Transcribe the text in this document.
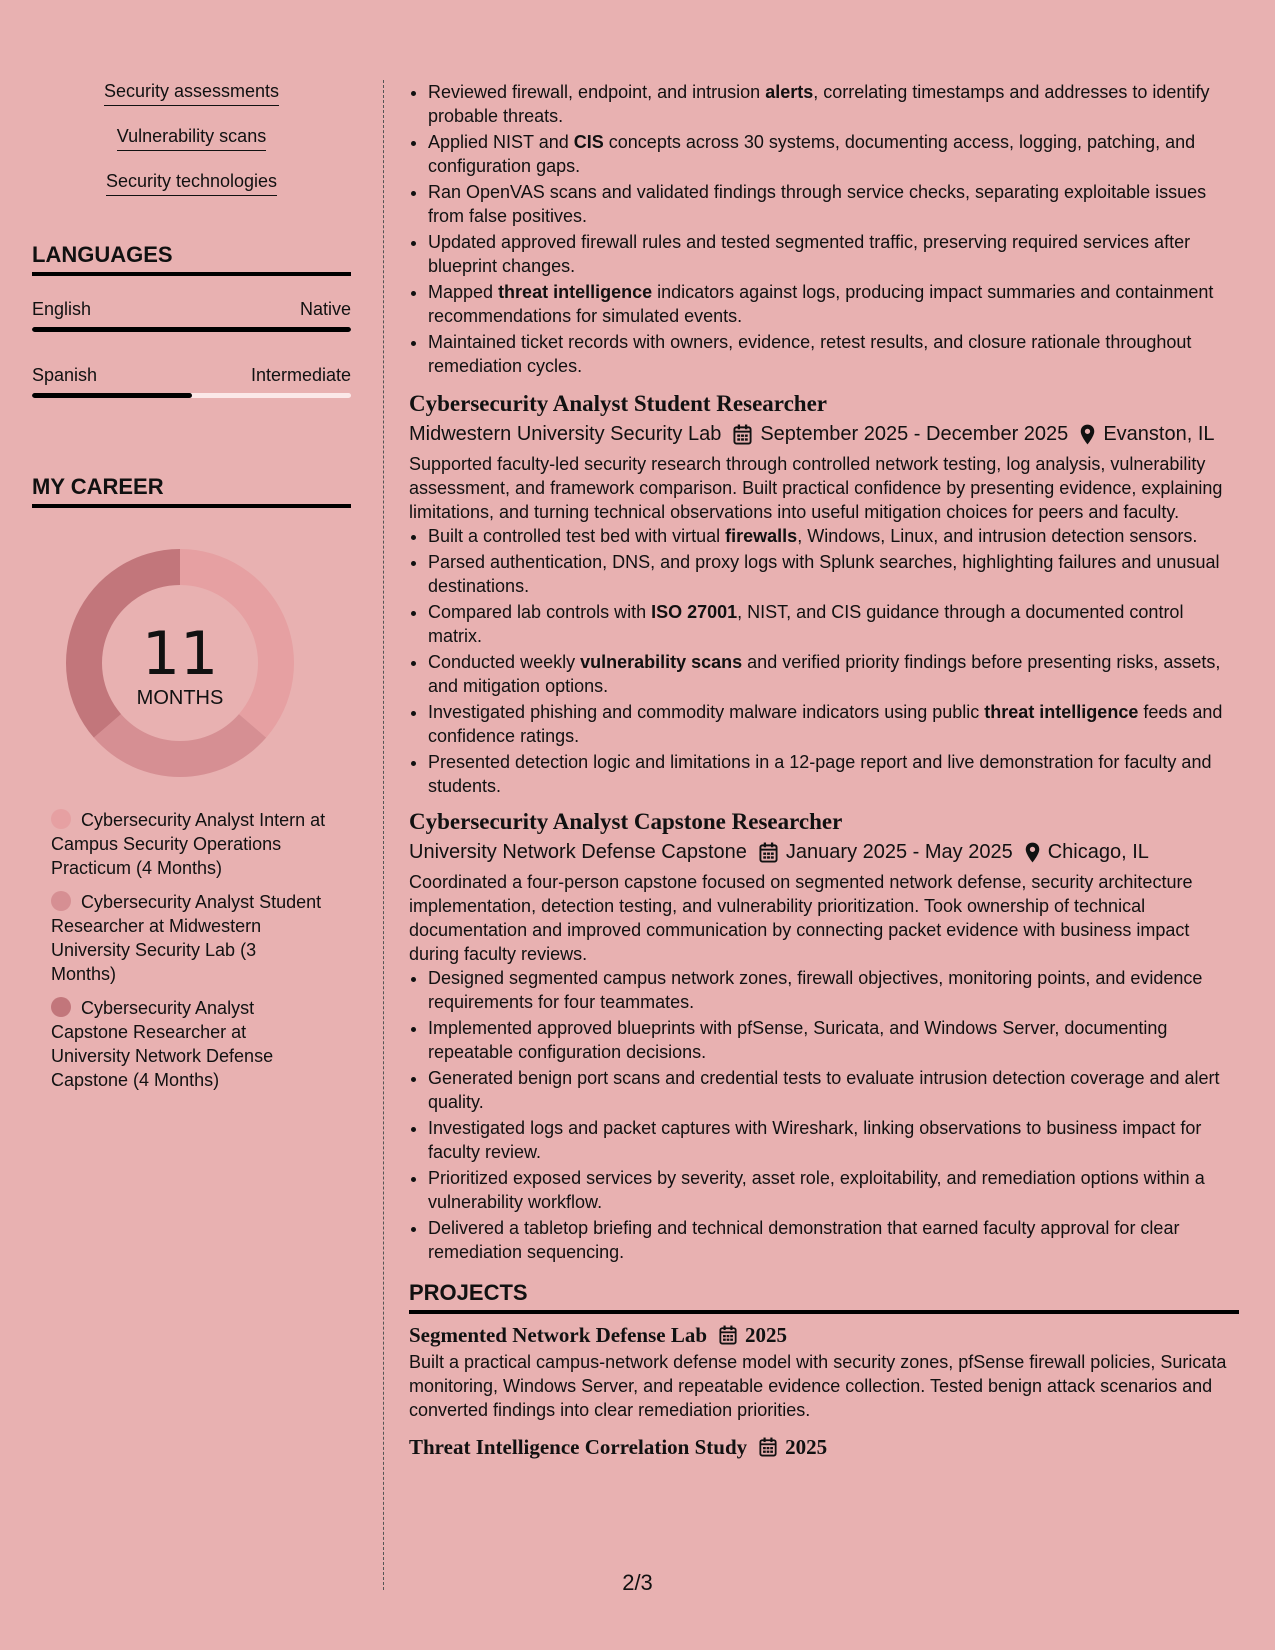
Security assessments
Vulnerability scans
Security technologies
LANGUAGES
English	Native
Spanish	Intermediate
MY CAREER
11
MONTHS
Cybersecurity Analyst Intern at Campus Security Operations Practicum (4 Months)
Cybersecurity Analyst Student Researcher at Midwestern University Security Lab (3 Months)
Cybersecurity Analyst Capstone Researcher at University Network Defense Capstone (4 Months)
• Reviewed firewall, endpoint, and intrusion alerts, correlating timestamps and addresses to identify probable threats.
• Applied NIST and CIS concepts across 30 systems, documenting access, logging, patching, and configuration gaps.
• Ran OpenVAS scans and validated findings through service checks, separating exploitable issues from false positives.
• Updated approved firewall rules and tested segmented traffic, preserving required services after blueprint changes.
• Mapped threat intelligence indicators against logs, producing impact summaries and containment recommendations for simulated events.
• Maintained ticket records with owners, evidence, retest results, and closure rationale throughout remediation cycles.
Cybersecurity Analyst Student Researcher
Midwestern University Security Lab September 2025 - December 2025 Evanston, IL
Supported faculty-led security research through controlled network testing, log analysis, vulnerability assessment, and framework comparison. Built practical confidence by presenting evidence, explaining limitations, and turning technical observations into useful mitigation choices for peers and faculty.
• Built a controlled test bed with virtual firewalls, Windows, Linux, and intrusion detection sensors.
• Parsed authentication, DNS, and proxy logs with Splunk searches, highlighting failures and unusual destinations.
• Compared lab controls with ISO 27001, NIST, and CIS guidance through a documented control matrix.
• Conducted weekly vulnerability scans and verified priority findings before presenting risks, assets, and mitigation options.
• Investigated phishing and commodity malware indicators using public threat intelligence feeds and confidence ratings.
• Presented detection logic and limitations in a 12-page report and live demonstration for faculty and students.
Cybersecurity Analyst Capstone Researcher
University Network Defense Capstone January 2025 - May 2025 Chicago, IL
Coordinated a four-person capstone focused on segmented network defense, security architecture implementation, detection testing, and vulnerability prioritization. Took ownership of technical documentation and improved communication by connecting packet evidence with business impact during faculty reviews.
• Designed segmented campus network zones, firewall objectives, monitoring points, and evidence requirements for four teammates.
• Implemented approved blueprints with pfSense, Suricata, and Windows Server, documenting repeatable configuration decisions.
• Generated benign port scans and credential tests to evaluate intrusion detection coverage and alert quality.
• Investigated logs and packet captures with Wireshark, linking observations to business impact for faculty review.
• Prioritized exposed services by severity, asset role, exploitability, and remediation options within a vulnerability workflow.
• Delivered a tabletop briefing and technical demonstration that earned faculty approval for clear remediation sequencing.
PROJECTS
Segmented Network Defense Lab 2025
Built a practical campus-network defense model with security zones, pfSense firewall policies, Suricata monitoring, Windows Server, and repeatable evidence collection. Tested benign attack scenarios and converted findings into clear remediation priorities.
Threat Intelligence Correlation Study 2025
2/3
